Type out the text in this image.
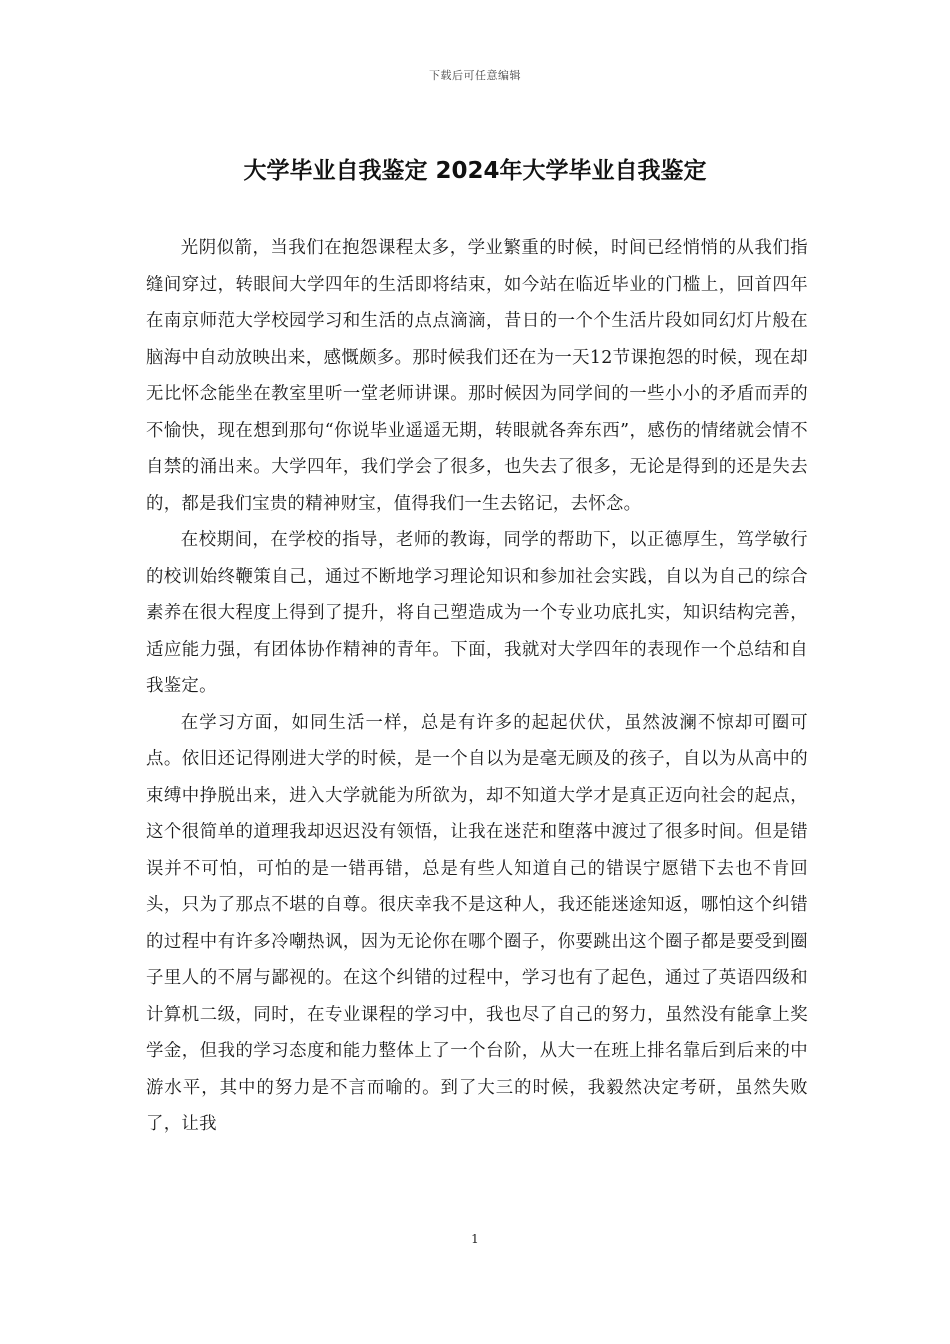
下载后可任意编辑
大学毕业自我鉴定 2024年大学毕业自我鉴定

光阴似箭，当我们在抱怨课程太多，学业繁重的时候，时间已经悄悄的从我们指缝间穿过，转眼间大学四年的生活即将结束，如今站在临近毕业的门槛上，回首四年在南京师范大学校园学习和生活的点点滴滴，昔日的一个个生活片段如同幻灯片般在脑海中自动放映出来，感慨颇多。那时候我们还在为一天12节课抱怨的时候，现在却无比怀念能坐在教室里听一堂老师讲课。那时候因为同学间的一些小小的矛盾而弄的不愉快，现在想到那句“你说毕业遥遥无期，转眼就各奔东西”，感伤的情绪就会情不自禁的涌出来。大学四年，我们学会了很多，也失去了很多，无论是得到的还是失去的，都是我们宝贵的精神财宝，值得我们一生去铭记，去怀念。

在校期间，在学校的指导，老师的教诲，同学的帮助下，以正德厚生，笃学敏行的校训始终鞭策自己，通过不断地学习理论知识和参加社会实践，自以为自己的综合素养在很大程度上得到了提升，将自己塑造成为一个专业功底扎实，知识结构完善，适应能力强，有团体协作精神的青年。下面，我就对大学四年的表现作一个总结和自我鉴定。

在学习方面，如同生活一样，总是有许多的起起伏伏，虽然波澜不惊却可圈可点。依旧还记得刚进大学的时候，是一个自以为是毫无顾及的孩子，自以为从高中的束缚中挣脱出来，进入大学就能为所欲为，却不知道大学才是真正迈向社会的起点，这个很简单的道理我却迟迟没有领悟，让我在迷茫和堕落中渡过了很多时间。但是错误并不可怕，可怕的是一错再错，总是有些人知道自己的错误宁愿错下去也不肯回头，只为了那点不堪的自尊。很庆幸我不是这种人，我还能迷途知返，哪怕这个纠错的过程中有许多冷嘲热讽，因为无论你在哪个圈子，你要跳出这个圈子都是要受到圈子里人的不屑与鄙视的。在这个纠错的过程中，学习也有了起色，通过了英语四级和计算机二级，同时，在专业课程的学习中，我也尽了自己的努力，虽然没有能拿上奖学金，但我的学习态度和能力整体上了一个台阶，从大一在班上排名靠后到后来的中游水平，其中的努力是不言而喻的。到了大三的时候，我毅然决定考研，虽然失败了，让我

1
